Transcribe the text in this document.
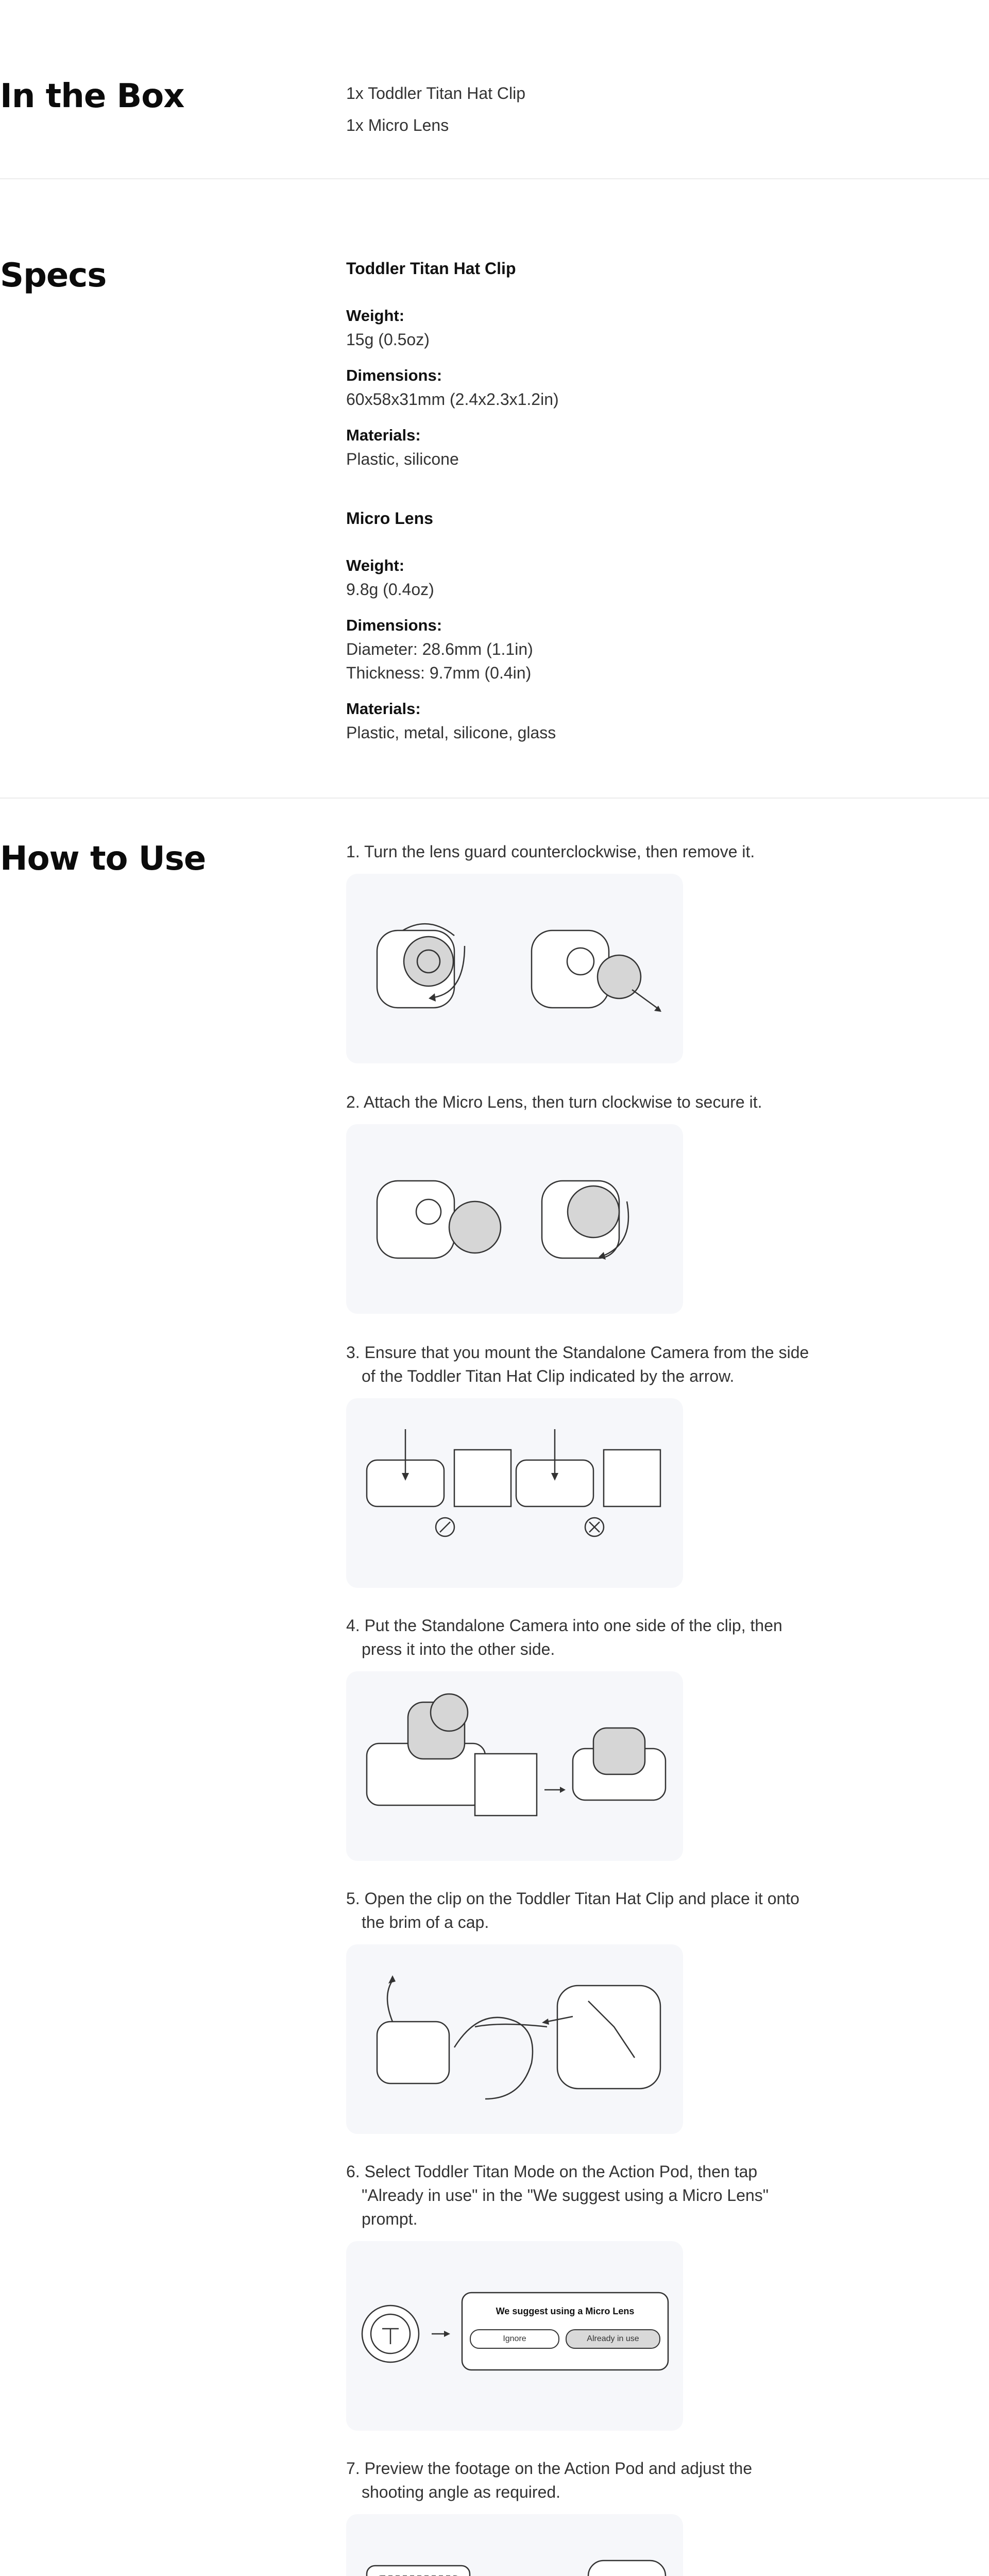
In the Box	1x Toddler Titan Hat Clip
1x Micro Lens
Specs	Toddler Titan Hat Clip

Weight:

15g (0.5oz)

Dimensions:

60x58x31mm (2.4x2.3x1.2in)

Materials:

Plastic, silicone

Micro Lens

Weight:

9.8g (0.4oz)

Dimensions:

Diameter: 28.6mm (1.1in)

Thickness: 9.7mm (0.4in)

Materials:

Plastic, metal, silicone, glass

How to Use	1. Turn the lens guard counterclockwise, then remove it.

2. Attach the Micro Lens, then turn clockwise to secure it.

3. Ensure that you mount the Standalone Camera from the side of the Toddler Titan Hat Clip indicated by the arrow.

4. Put the Standalone Camera into one side of the clip, then press it into the other side.

5. Open the clip on the Toddler Titan Hat Clip and place it onto the brim of a cap.

6. Select Toddler Titan Mode on the Action Pod, then tap "Already in use" in the "We suggest using a Micro Lens" prompt.

We suggest using a Micro Lens
Ignore	Already in use

7. Preview the footage on the Action Pod and adjust the shooting angle as required.
